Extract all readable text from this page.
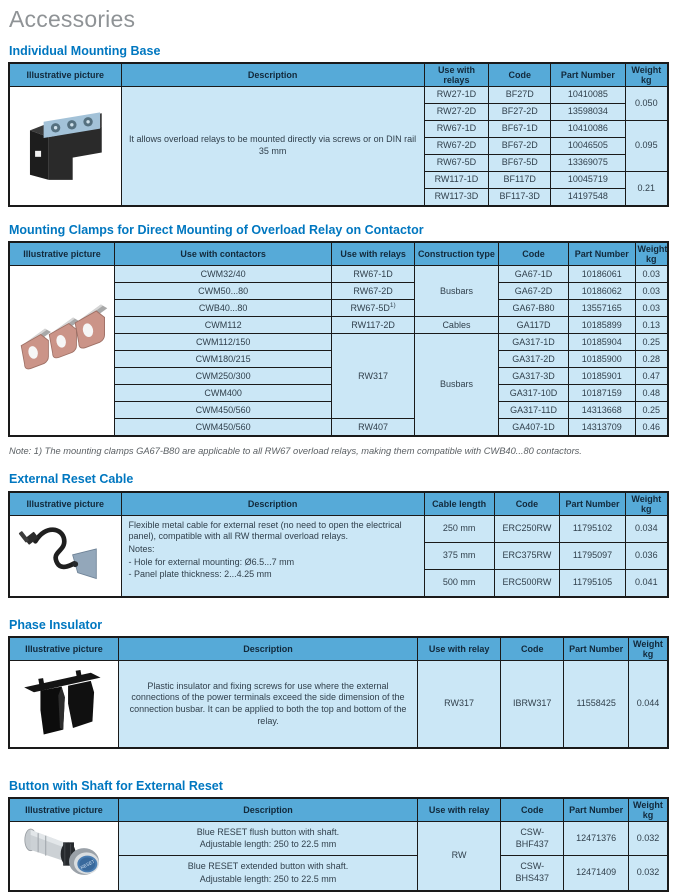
Accessories
Individual Mounting Base
Illustrative picture	Description	Use with relays	Code	Part Number	Weight kg
	It allows overload relays to be mounted directly via screws or on DIN rail 35 mm	RW27-1D	BF27D	10410085	0.050
		RW27-2D	BF27-2D	13598034	
		RW67-1D	BF67-1D	10410086	0.095
		RW67-2D	BF67-2D	10046505	
		RW67-5D	BF67-5D	13369075	
		RW117-1D	BF117D	10045719	0.21
		RW117-3D	BF117-3D	14197548	
Mounting Clamps for Direct Mounting of Overload Relay on Contactor
Illustrative picture	Use with contactors	Use with relays	Construction type	Code	Part Number	Weight kg
	CWM32/40	RW67-1D	Busbars	GA67-1D	10186061	0.03
	CWM50...80	RW67-2D		GA67-2D	10186062	0.03
	CWB40...80	$RW67-5D^{1)}$		GA67-B80	13557165	0.03
	CWM112	RW117-2D	Cables	GA117D	10185899	0.13
	CWM112/150	RW317	Busbars	GA317-1D	10185904	0.25
	CWM180/215			GA317-2D	10185900	0.28
	CWM250/300			GA317-3D	10185901	0.47
	CWM400			GA317-10D	10187159	0.48
	CWM450/560			GA317-11D	14313668	0.25
	CWM450/560	RW407		GA407-1D	14313709	0.46

Note: 1) The mounting clamps GA67-B80 are applicable to all RW67 overload relays, making them compatible with CWB40...80 contactors.

External Reset Cable
Illustrative picture	Description	Cable length	Code	Part Number	Weight kg

Flexible metal cable for external reset (no need to open the electrical panel), compatible with all RW thermal overload relays.
Notes:
- Hole for external mounting: Ø6.5...7 mm
- Panel plate thickness: 2...4.25 mm	250 mm	ERC250RW	11795102	0.034
		375 mm	ERC375RW	11795097	0.036
		500 mm	ERC500RW	11795105	0.041
Phase Insulator
Illustrative picture	Description	Use with relay	Code	Part Number	Weight kg
	Plastic insulator and fixing screws for use where the external connections of the power terminals exceed the side dimension of the connection busbar. It can be applied to both the top and bottom of the relay.	RW317	IBRW317	11558425	0.044
Button with Shaft for External Reset
Illustrative picture	Description	Use with relay	Code	Part Number	Weight kg

RESET	Blue RESET flush button with shaft.
Adjustable length: 250 to 22.5 mm	RW	CSW-BHF437	12471376	0.032

	Blue RESET extended button with shaft.
Adjustable length: 250 to 22.5 mm		CSW-BHS437	12471409	0.032
